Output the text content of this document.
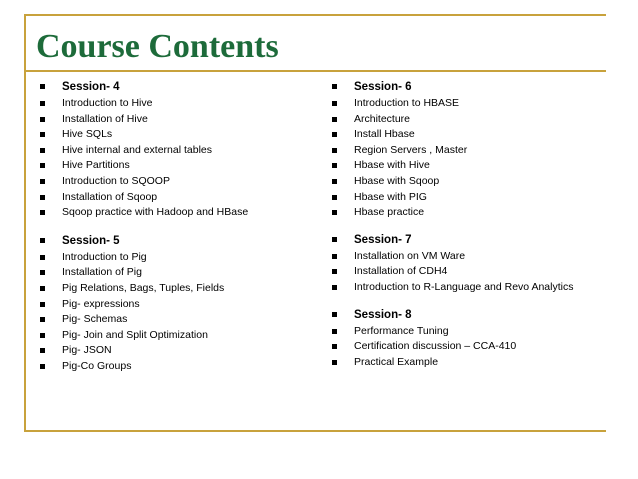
Course Contents
Session- 4
Introduction to Hive
Installation of Hive
Hive SQLs
Hive internal and external tables
Hive Partitions
Introduction to SQOOP
Installation of Sqoop
Sqoop practice with Hadoop and HBase
Session- 5
Introduction to Pig
Installation of Pig
Pig Relations, Bags, Tuples, Fields
Pig- expressions
Pig- Schemas
Pig- Join and Split Optimization
Pig- JSON
Pig-Co Groups
Session- 6
Introduction to HBASE
Architecture
Install Hbase
Region Servers , Master
Hbase with Hive
Hbase with Sqoop
Hbase with PIG
Hbase practice
Session- 7
Installation on VM Ware
Installation of CDH4
Introduction to R-Language and Revo Analytics
Session- 8
Performance Tuning
Certification discussion – CCA-410
Practical Example
